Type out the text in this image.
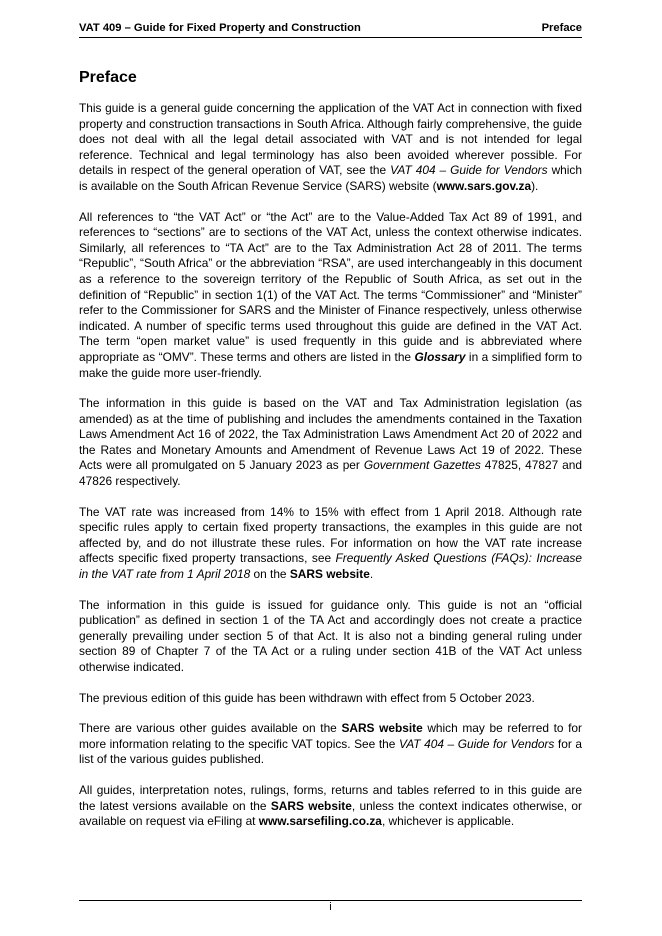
VAT 409 – Guide for Fixed Property and Construction	Preface
Preface

This guide is a general guide concerning the application of the VAT Act in connection with fixed property and construction transactions in South Africa. Although fairly comprehensive, the guide does not deal with all the legal detail associated with VAT and is not intended for legal reference. Technical and legal terminology has also been avoided wherever possible. For details in respect of the general operation of VAT, see the VAT 404 – Guide for Vendors which is available on the South African Revenue Service (SARS) website (www.sars.gov.za).

All references to “the VAT Act” or “the Act” are to the Value-Added Tax Act 89 of 1991, and references to “sections” are to sections of the VAT Act, unless the context otherwise indicates. Similarly, all references to “TA Act” are to the Tax Administration Act 28 of 2011. The terms “Republic”, “South Africa” or the abbreviation “RSA”, are used interchangeably in this document as a reference to the sovereign territory of the Republic of South Africa, as set out in the definition of “Republic” in section 1(1) of the VAT Act. The terms “Commissioner” and “Minister” refer to the Commissioner for SARS and the Minister of Finance respectively, unless otherwise indicated. A number of specific terms used throughout this guide are defined in the VAT Act. The term “open market value” is used frequently in this guide and is abbreviated where appropriate as “OMV”. These terms and others are listed in the Glossary in a simplified form to make the guide more user-friendly.

The information in this guide is based on the VAT and Tax Administration legislation (as amended) as at the time of publishing and includes the amendments contained in the Taxation Laws Amendment Act 16 of 2022, the Tax Administration Laws Amendment Act 20 of 2022 and the Rates and Monetary Amounts and Amendment of Revenue Laws Act 19 of 2022. These Acts were all promulgated on 5 January 2023 as per Government Gazettes 47825, 47827 and 47826 respectively.

The VAT rate was increased from 14% to 15% with effect from 1 April 2018. Although rate specific rules apply to certain fixed property transactions, the examples in this guide are not affected by, and do not illustrate these rules. For information on how the VAT rate increase affects specific fixed property transactions, see Frequently Asked Questions (FAQs): Increase in the VAT rate from 1 April 2018 on the SARS website.

The information in this guide is issued for guidance only. This guide is not an “official publication” as defined in section 1 of the TA Act and accordingly does not create a practice generally prevailing under section 5 of that Act. It is also not a binding general ruling under section 89 of Chapter 7 of the TA Act or a ruling under section 41B of the VAT Act unless otherwise indicated.

The previous edition of this guide has been withdrawn with effect from 5 October 2023.

There are various other guides available on the SARS website which may be referred to for more information relating to the specific VAT topics. See the VAT 404 – Guide for Vendors for a list of the various guides published.

All guides, interpretation notes, rulings, forms, returns and tables referred to in this guide are the latest versions available on the SARS website, unless the context indicates otherwise, or available on request via eFiling at www.sarsefiling.co.za, whichever is applicable.

i
